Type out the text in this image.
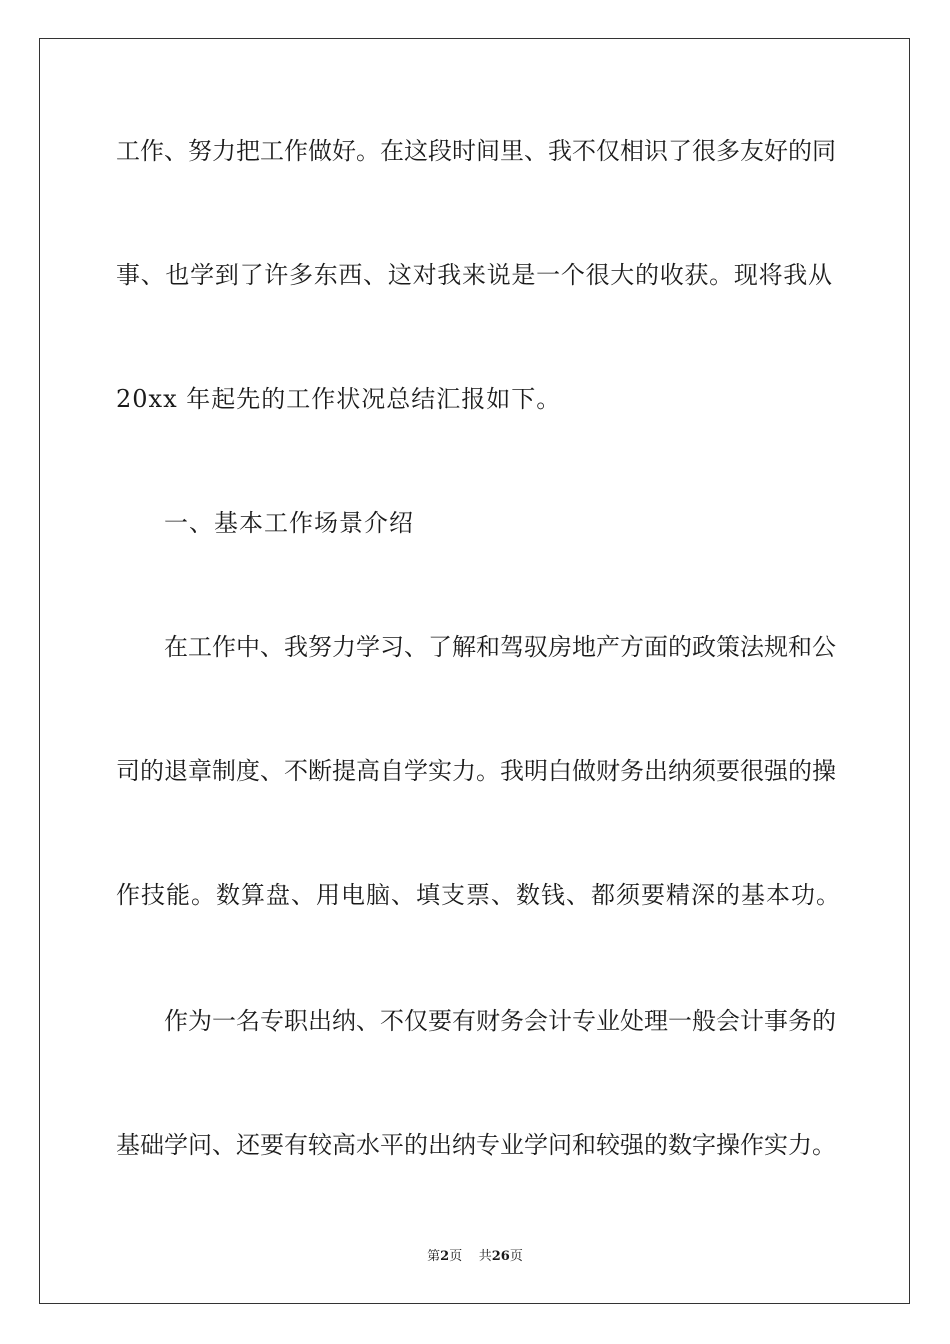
工作、努力把工作做好。在这段时间里、我不仅相识了很多友好的同
事、也学到了许多东西、这对我来说是一个很大的收获。现将我从
20xx 年起先的工作状况总结汇报如下。
一、基本工作场景介绍
在工作中、我努力学习、了解和驾驭房地产方面的政策法规和公
司的退章制度、不断提高自学实力。我明白做财务出纳须要很强的操
作技能。数算盘、用电脑、填支票、数钱、都须要精深的基本功。
作为一名专职出纳、不仅要有财务会计专业处理一般会计事务的
基础学问、还要有较高水平的出纳专业学问和较强的数字操作实力。
第2页 共26页
